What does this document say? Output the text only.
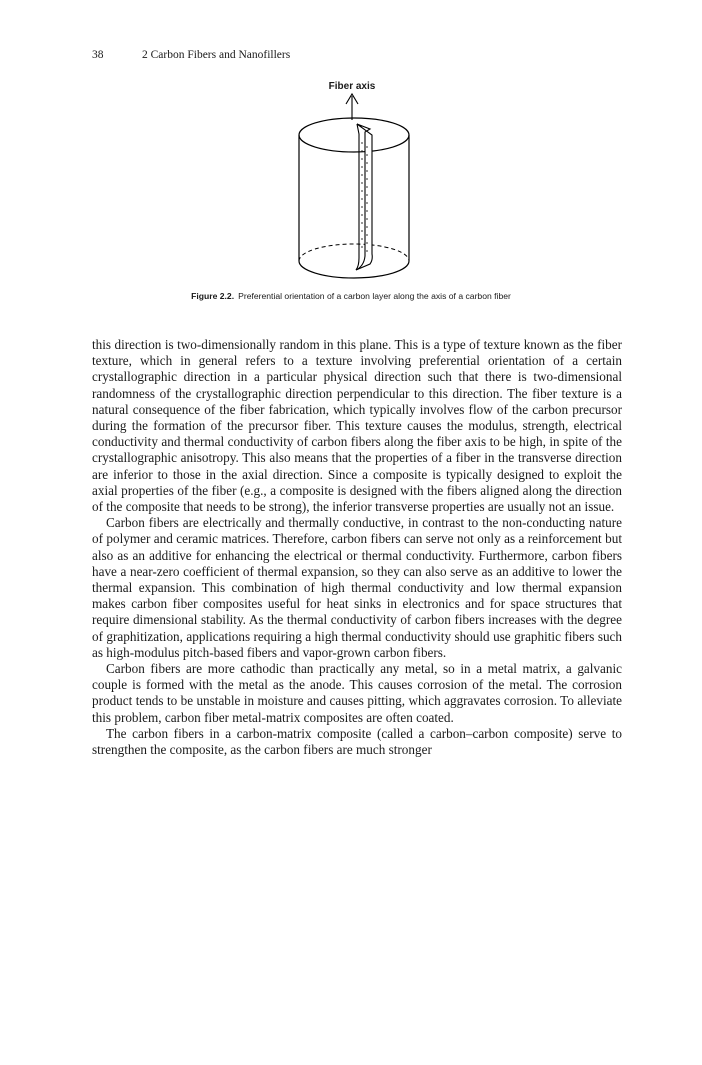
38	2 Carbon Fibers and Nanofillers
Fiber axis
Figure 2.2. Preferential orientation of a carbon layer along the axis of a carbon fiber

this direction is two-dimensionally random in this plane. This is a type of texture known as the fiber texture, which in general refers to a texture involving preferential orientation of a certain crystallographic direction in a particular physical direction such that there is two-dimensional randomness of the crystallographic direction perpendicular to this direction. The fiber texture is a natural consequence of the fiber fabrication, which typically involves flow of the carbon precursor during the formation of the precursor fiber. This texture causes the modulus, strength, electrical conductivity and thermal conductivity of carbon fibers along the fiber axis to be high, in spite of the crystallographic anisotropy. This also means that the properties of a fiber in the transverse direction are inferior to those in the axial direction. Since a composite is typically designed to exploit the axial properties of the fiber (e.g., a composite is designed with the fibers aligned along the direction of the composite that needs to be strong), the inferior transverse properties are usually not an issue.

Carbon fibers are electrically and thermally conductive, in contrast to the non-conducting nature of polymer and ceramic matrices. Therefore, carbon fibers can serve not only as a reinforcement but also as an additive for enhancing the electrical or thermal conductivity. Furthermore, carbon fibers have a near-zero coefficient of thermal expansion, so they can also serve as an additive to lower the thermal expansion. This combination of high thermal conductivity and low thermal expansion makes carbon fiber composites useful for heat sinks in electronics and for space structures that require dimensional stability. As the thermal conductivity of carbon fibers increases with the degree of graphitization, applications requiring a high thermal conductivity should use graphitic fibers such as high-modulus pitch-based fibers and vapor-grown carbon fibers.

Carbon fibers are more cathodic than practically any metal, so in a metal matrix, a galvanic couple is formed with the metal as the anode. This causes corrosion of the metal. The corrosion product tends to be unstable in moisture and causes pitting, which aggravates corrosion. To alleviate this problem, carbon fiber metal-matrix composites are often coated.

The carbon fibers in a carbon-matrix composite (called a carbon–carbon composite) serve to strengthen the composite, as the carbon fibers are much stronger
